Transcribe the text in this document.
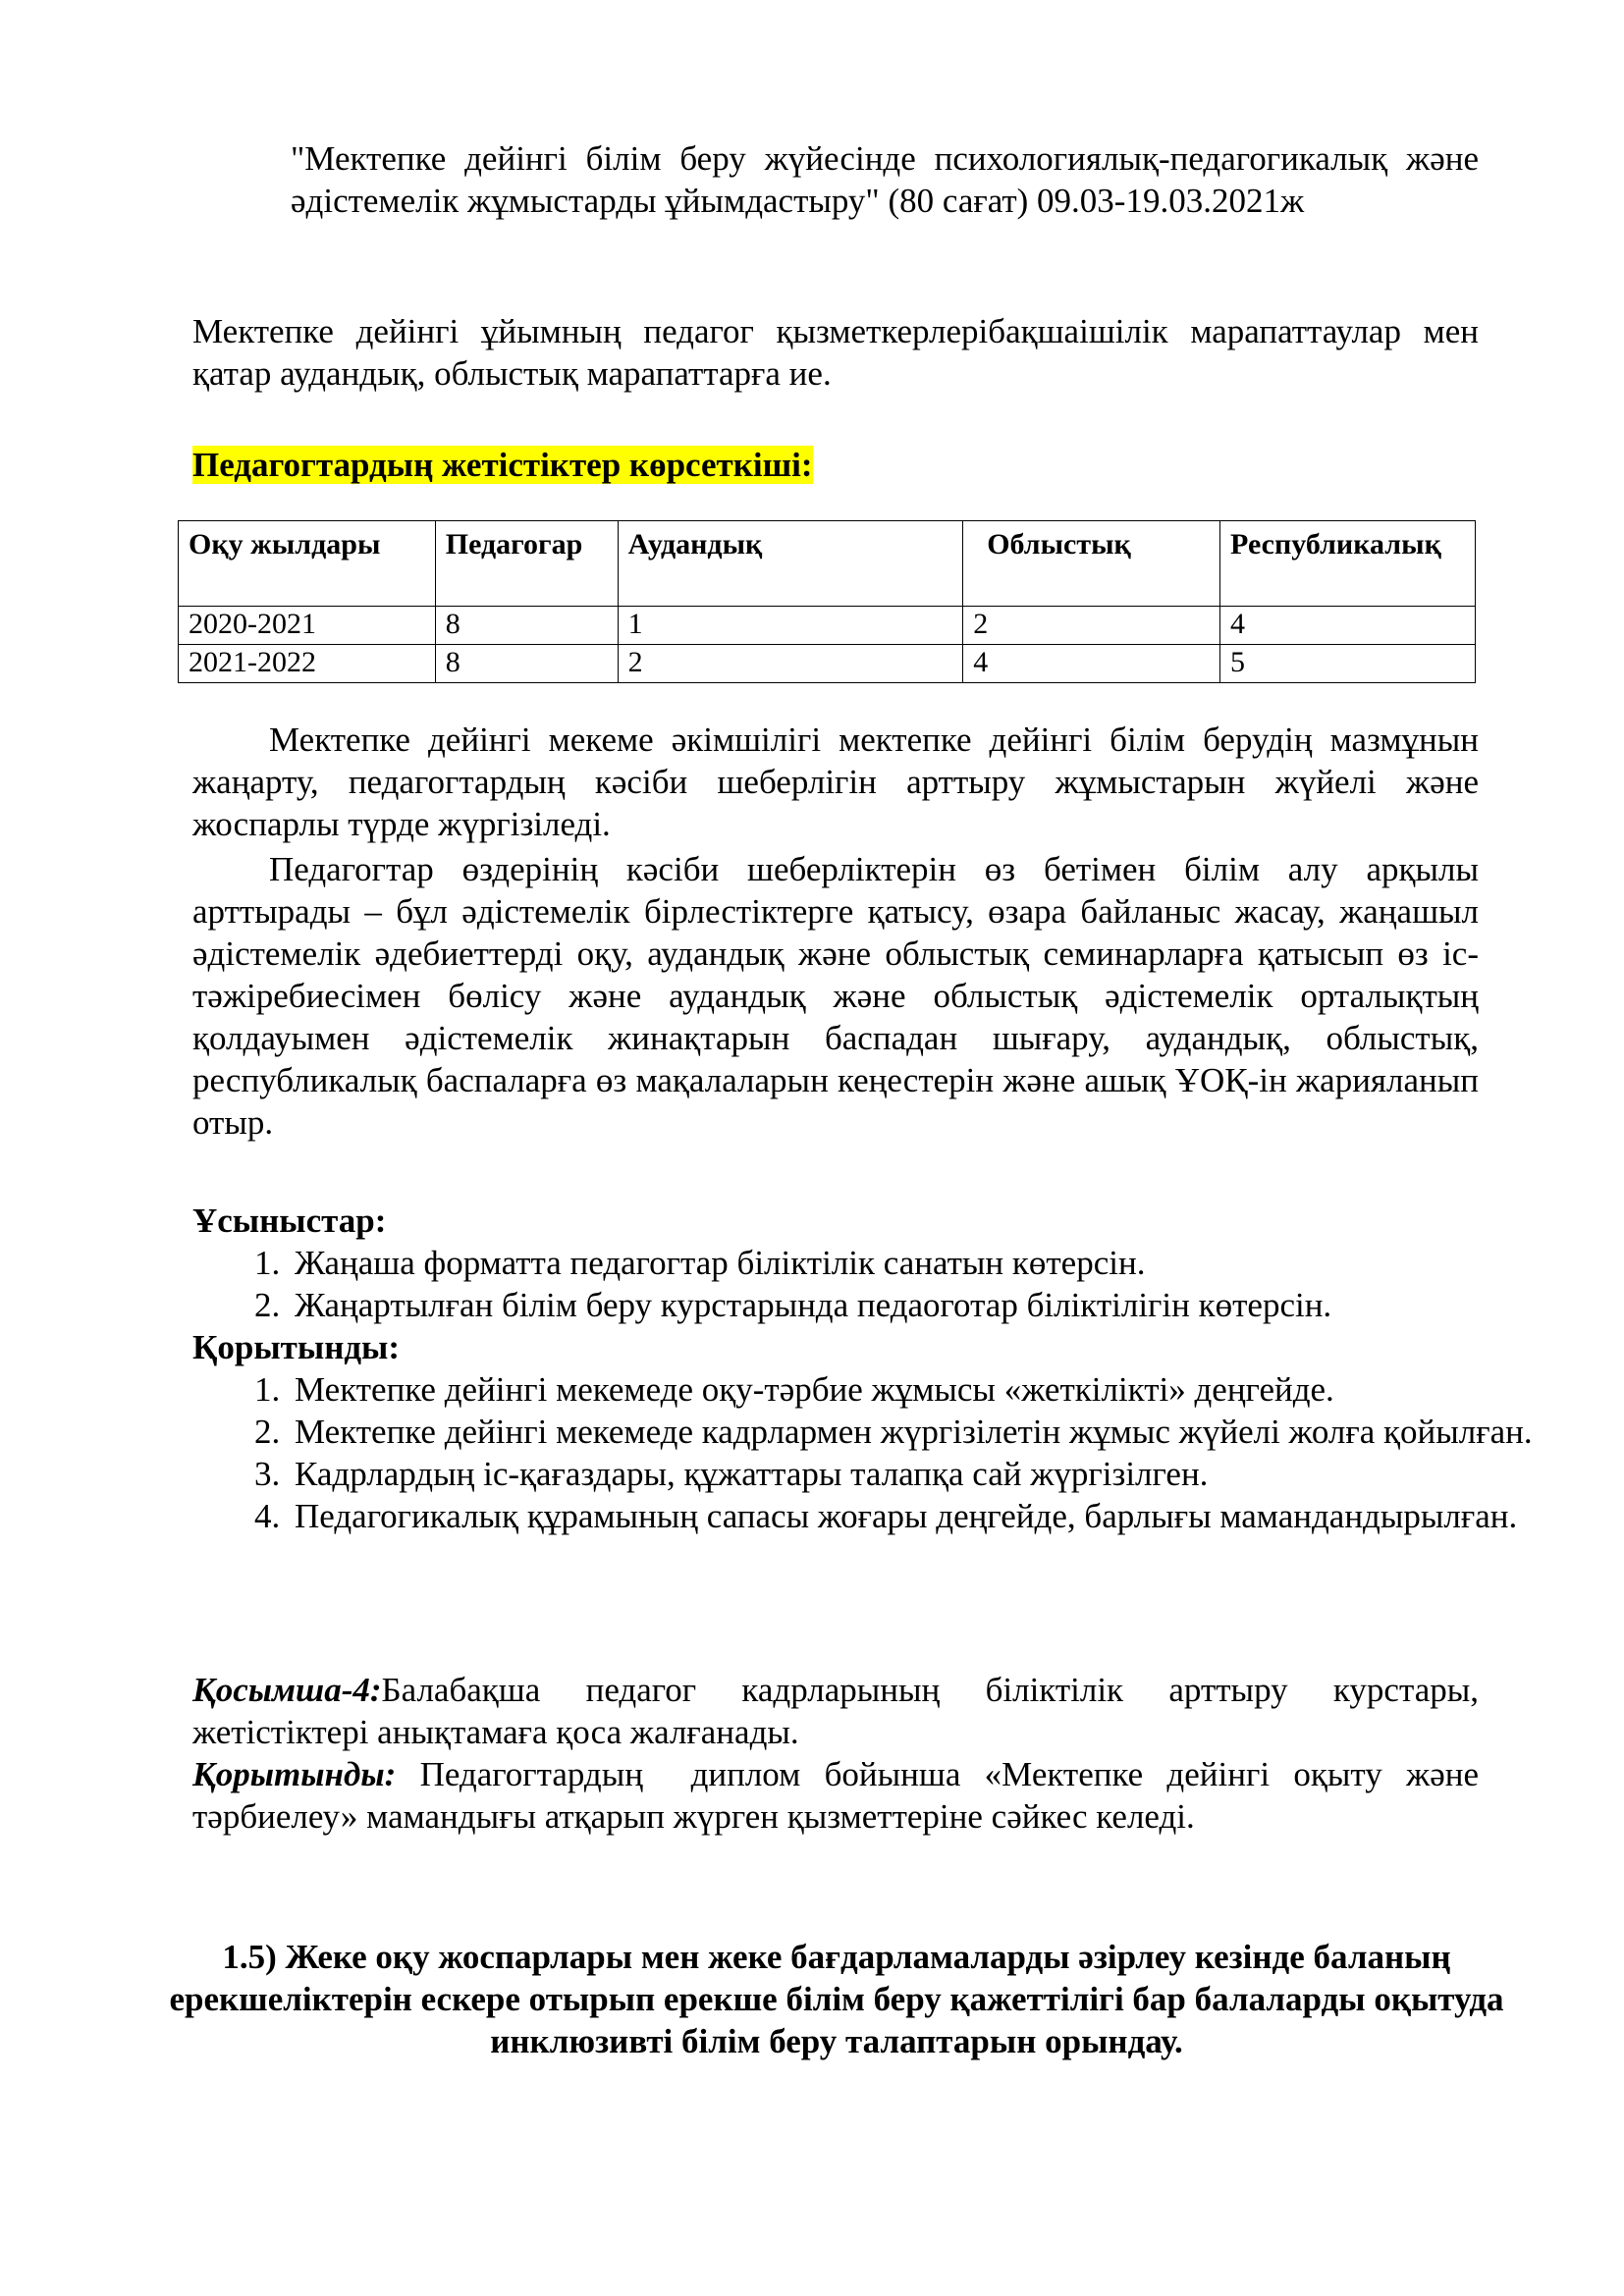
"Мектепке дейінгі білім беру жүйесінде психологиялық-педагогикалық және әдістемелік жұмыстарды ұйымдастыру" (80 сағат) 09.03-19.03.2021ж

Мектепке дейінгі ұйымның педагог қызметкерлерібақшаішілік марапаттаулар мен қатар аудандық, облыстық марапаттарға ие.

Педагогтардың жетістіктер көрсеткіші:
Оқу жылдары	Педагогар	Аудандық	Облыстық	Республикалық
2020-2021	8	1	2	4
2021-2022	8	2	4	5

Мектепке дейінгі мекеме әкімшілігі мектепке дейінгі білім берудің мазмұнын жаңарту, педагогтардың кәсіби шеберлігін арттыру жұмыстарын жүйелі және жоспарлы түрде жүргізіледі.

Педагогтар өздерінің кәсіби шеберліктерін өз бетімен білім алу арқылы арттырады – бұл әдістемелік бірлестіктерге қатысу, өзара байланыс жасау, жаңашыл әдістемелік әдебиеттерді оқу, аудандық және облыстық семинарларға қатысып өз іс-тәжіребиесімен бөлісу және аудандық және облыстық әдістемелік орталықтың қолдауымен әдістемелік жинақтарын баспадан шығару, аудандық, облыстық, республикалық баспаларға өз мақалаларын кеңестерін және ашық ҰОҚ-ін жарияланып отыр.

Ұсыныстар:
1. Жаңаша форматта педагогтар біліктілік санатын көтерсін.
2. Жаңартылған білім беру курстарында педаоготар біліктілігін көтерсін.
Қорытынды:
1. Мектепке дейінгі мекемеде оқу-тәрбие жұмысы «жеткілікті» деңгейде.
2. Мектепке дейінгі мекемеде кадрлармен жүргізілетін жұмыс жүйелі жолға қойылған.
3. Кадрлардың іс-қағаздары, құжаттары талапқа сай жүргізілген.
4. Педагогикалық құрамының сапасы жоғары деңгейде, барлығы мамандандырылған.

Қосымша-4:Балабақша педагог кадрларының біліктілік арттыру курстары, жетістіктері анықтамаға қоса жалғанады.

Қорытынды: Педагогтардың  диплом бойынша «Мектепке дейінгі оқыту және тәрбиелеу» мамандығы атқарып жүрген қызметтеріне сәйкес келеді.

1.5) Жеке оқу жоспарлары мен жеке бағдарламаларды әзірлеу кезінде баланың ерекшеліктерін ескере отырып ерекше білім беру қажеттілігі бар балаларды оқытуда инклюзивті білім беру талаптарын орындау.
